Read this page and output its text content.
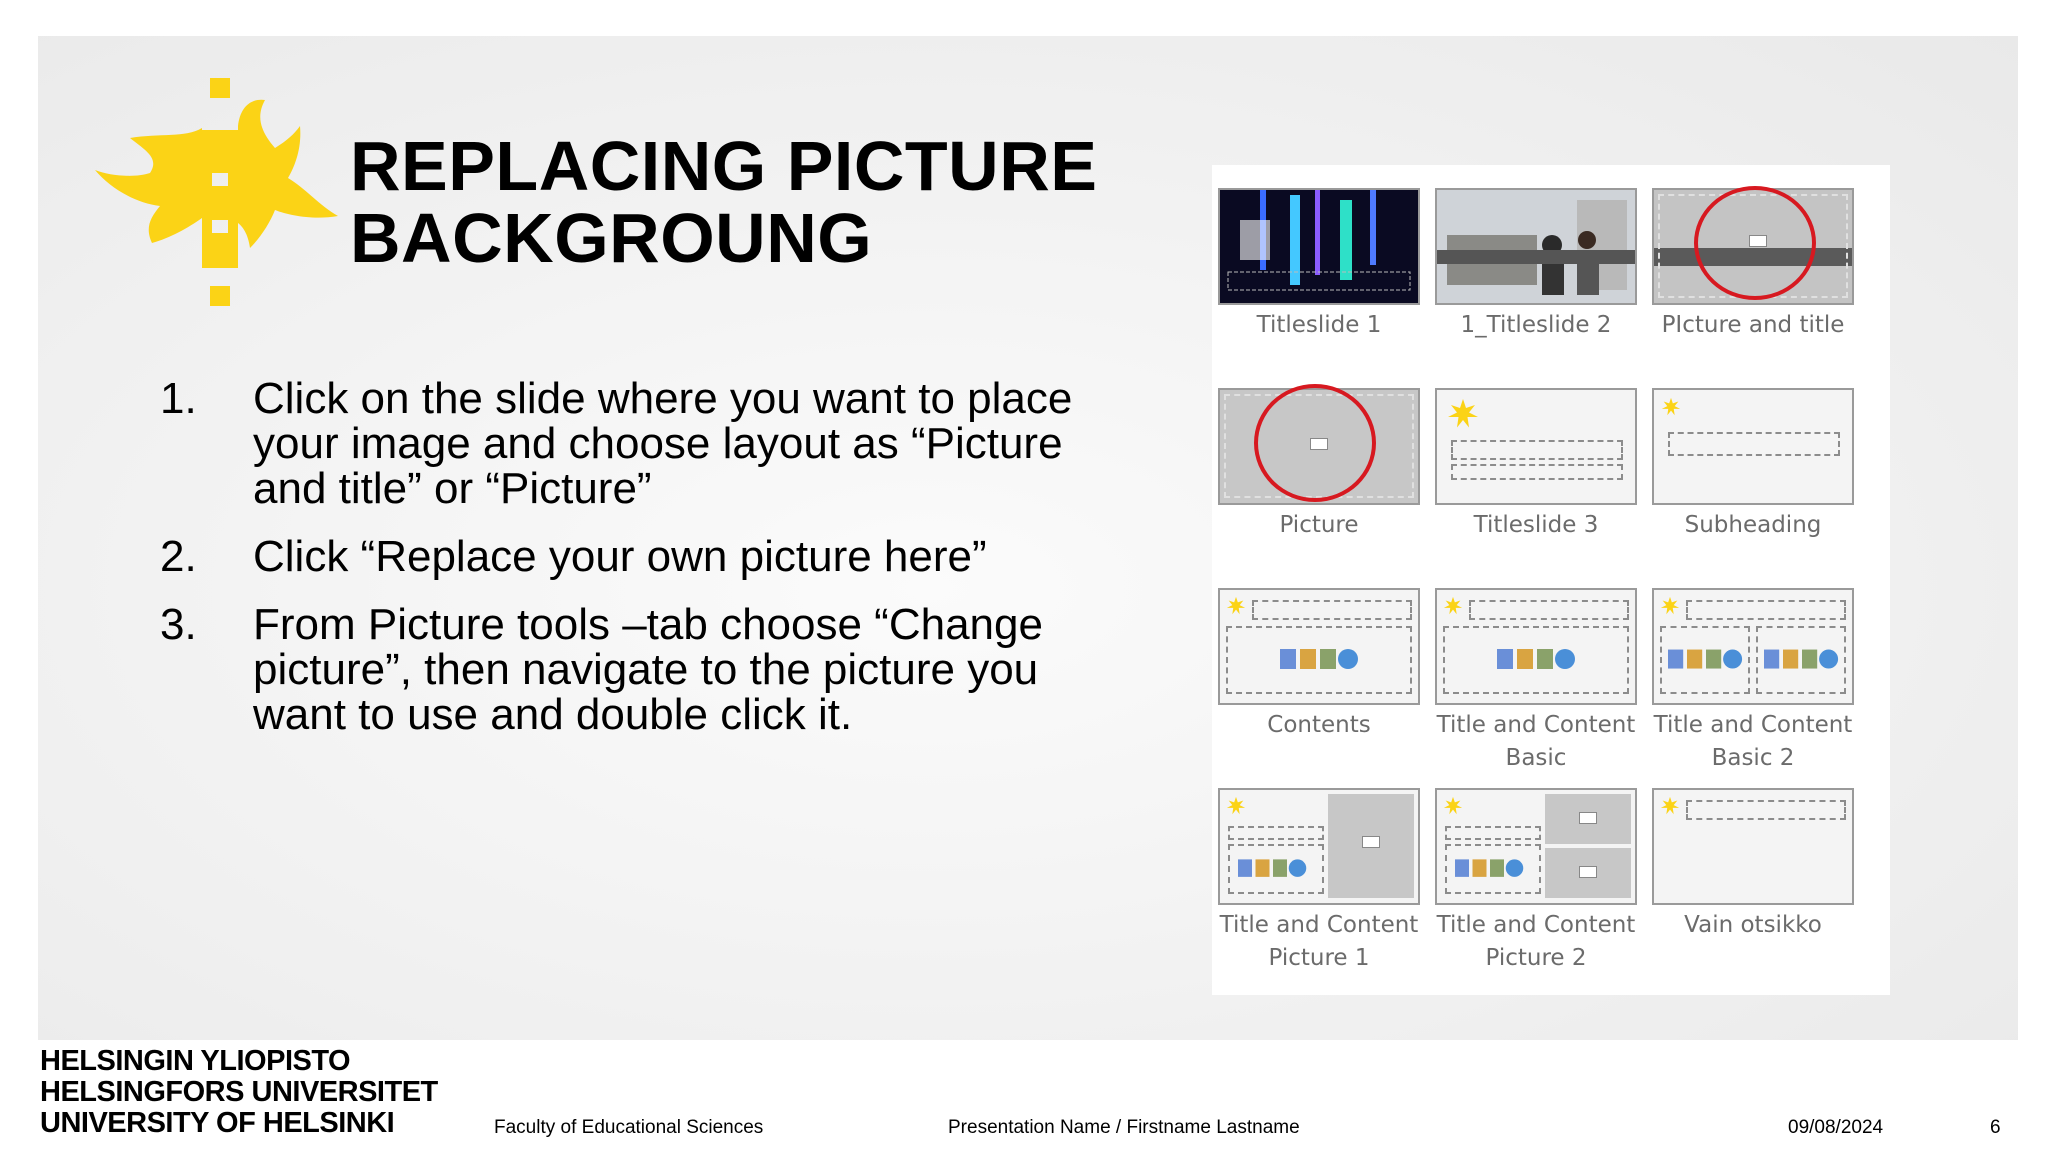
REPLACING PICTURE
BACKGROUNG
1. Click on the slide where you want to place your image and choose layout as “Picture and title” or “Picture”
2. Click “Replace your own picture here”
3. From Picture tools –tab choose “Change picture”, then navigate to the picture you want to use and double click it.
Titleslide 1	1_Titleslide 2	PIcture and title
Picture	Titleslide 3	Subheading
Contents	Title and Content Basic
Title and Content Basic 2
Title and Content Picture 1
Title and Content Picture 2
Vain otsikko
HELSINGIN YLIOPISTO
HELSINGFORS UNIVERSITET
UNIVERSITY OF HELSINKI	Faculty of Educational Sciences	Presentation Name / Firstname Lastname	09/08/2024	6
